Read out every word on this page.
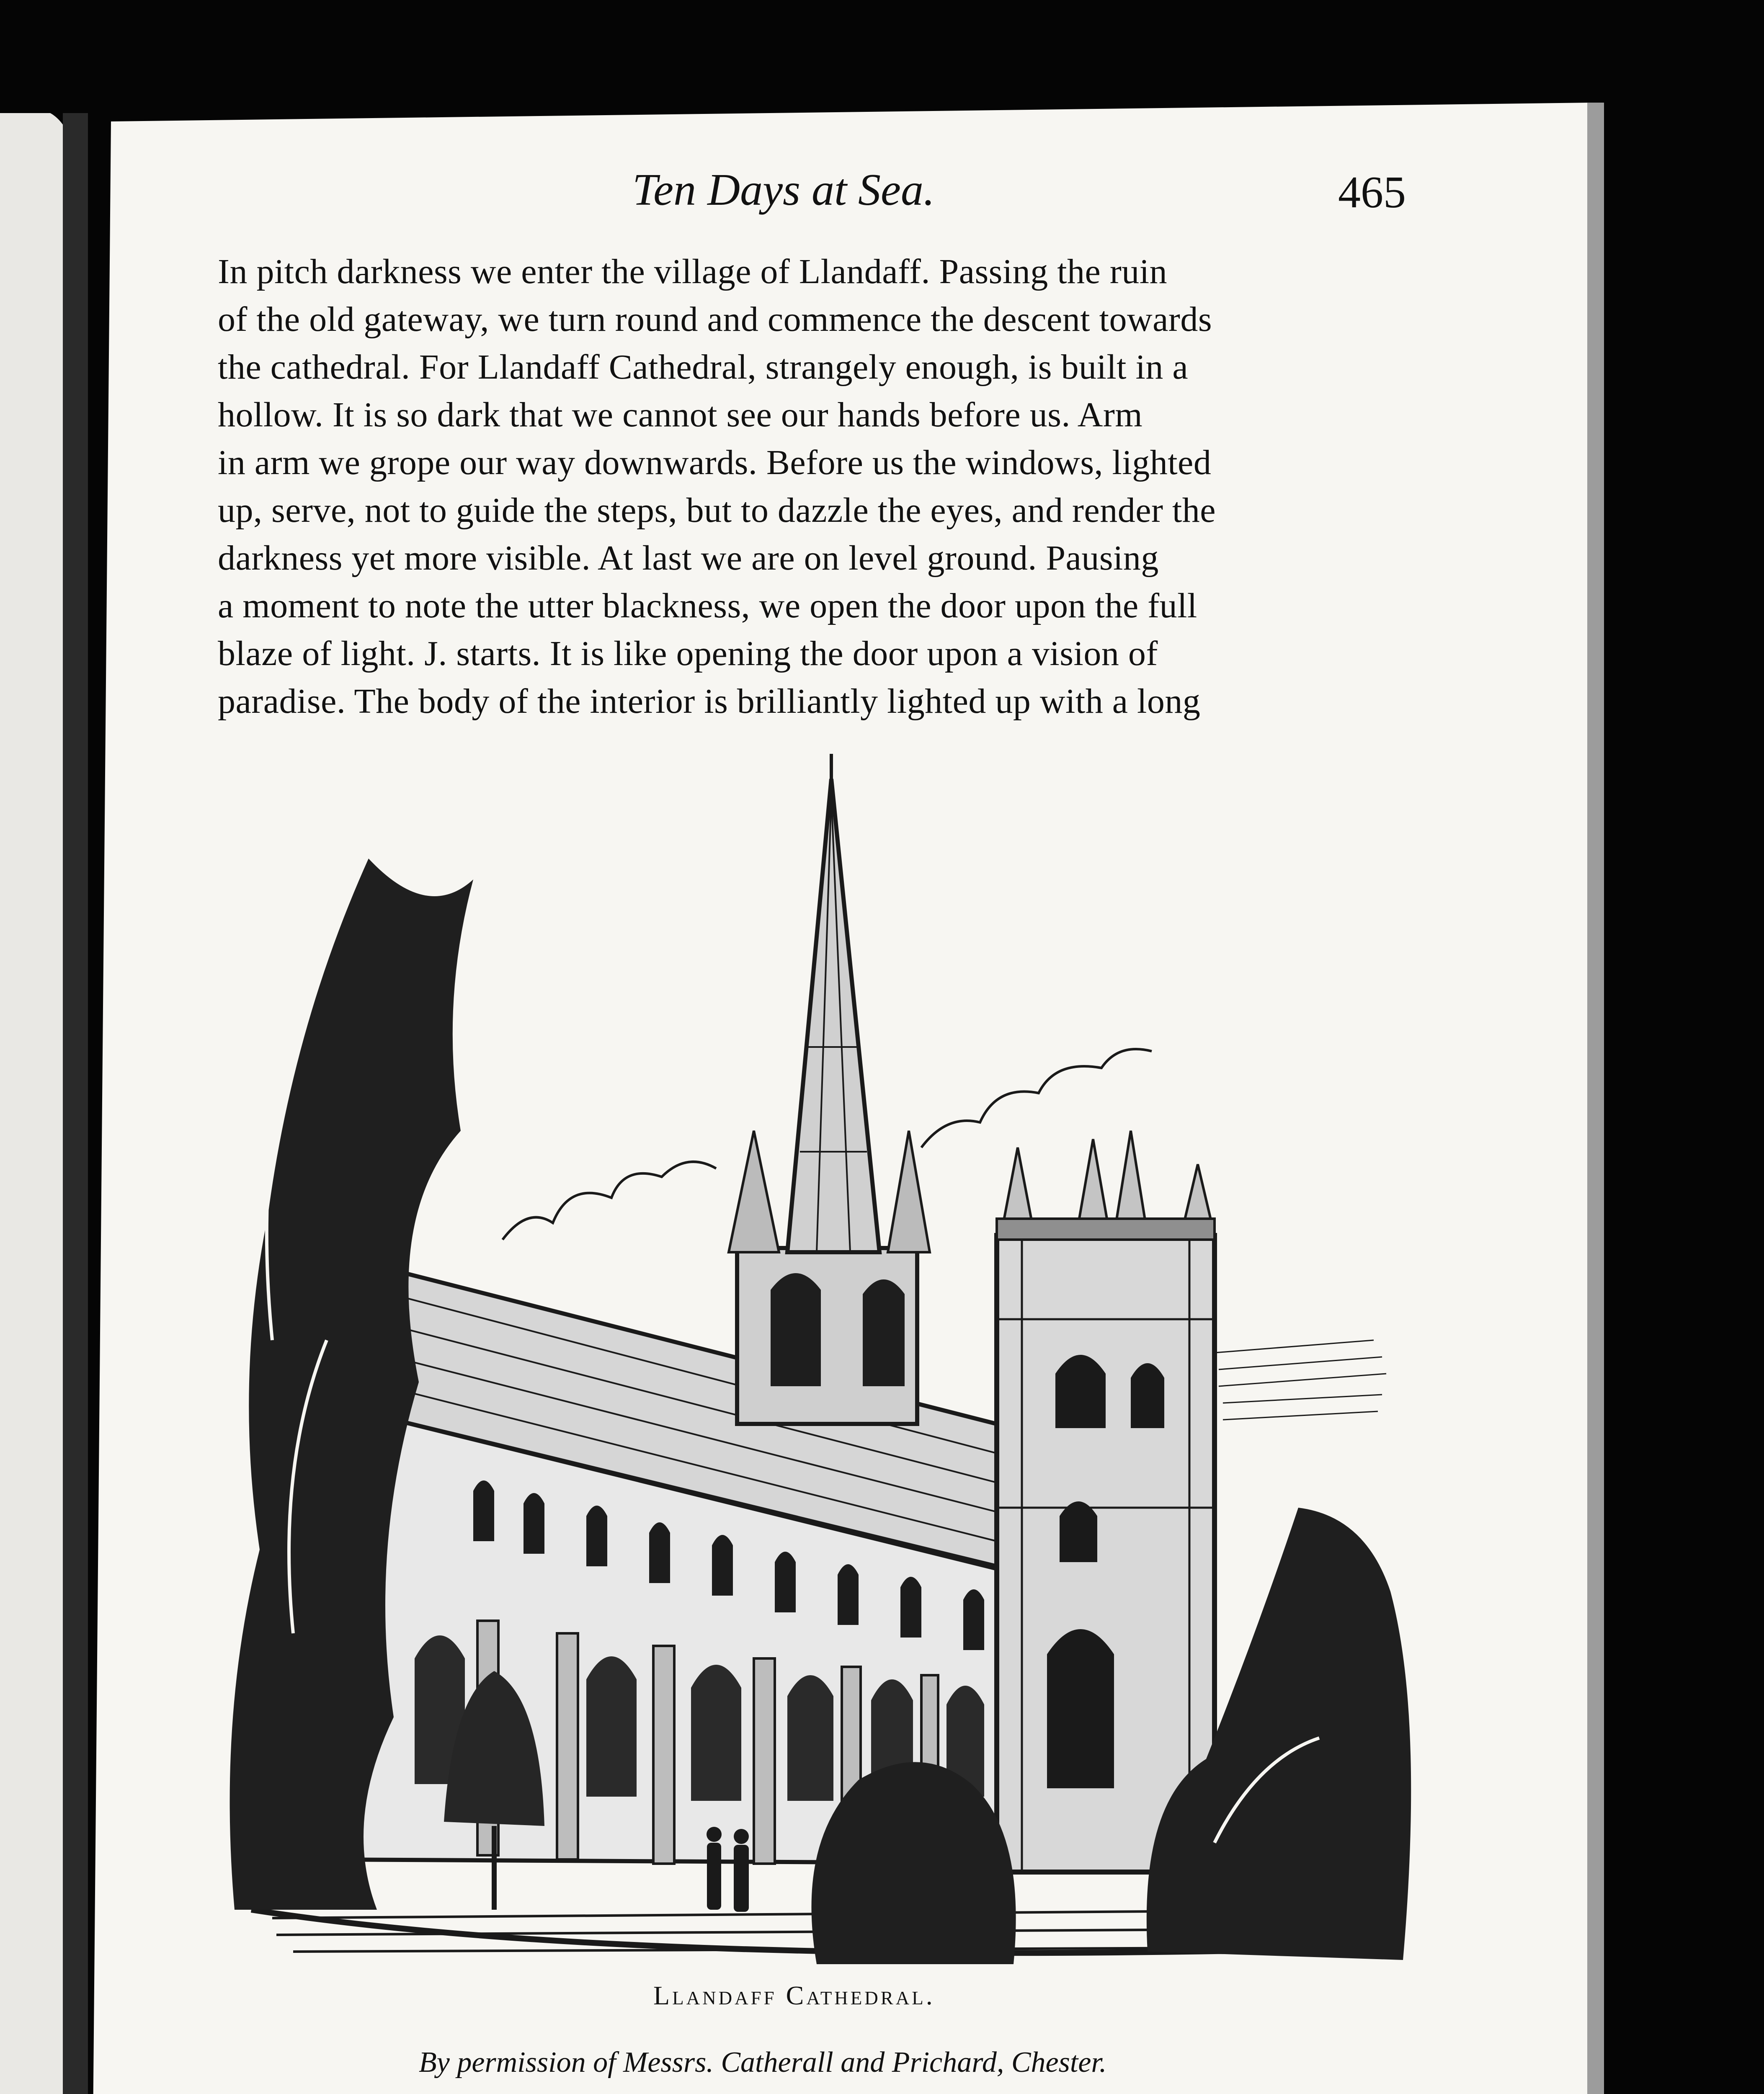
Ten Days at Sea.	465
In pitch darkness we enter the village of Llandaff. Passing the ruin
of the old gateway, we turn round and commence the descent towards
the cathedral. For Llandaff Cathedral, strangely enough, is built in a
hollow. It is so dark that we cannot see our hands before us. Arm
in arm we grope our way downwards. Before us the windows, lighted
up, serve, not to guide the steps, but to dazzle the eyes, and render the
darkness yet more visible. At last we are on level ground. Pausing
a moment to note the utter blackness, we open the door upon the full
blaze of light. J. starts. It is like opening the door upon a vision of
paradise. The body of the interior is brilliantly lighted up with a long
Llandaff Cathedral.
By permission of Messrs. Catherall and Prichard, Chester.
